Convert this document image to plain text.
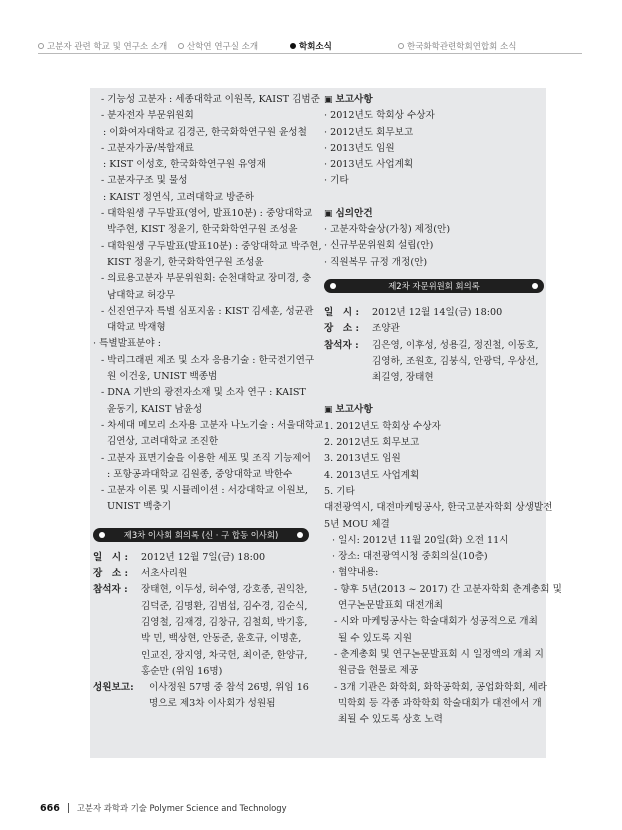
고분자 관련 학교 및 연구소 소개 산학연 연구실 소개	학회소식	한국화학관련학회연합회 소식
- 기능성 고분자 : 세종대학교 이원목, KAIST 김범준
- 분자전자 부문위원회
: 이화여자대학교 김경곤, 한국화학연구원 윤성철
- 고분자가공/복합재료
: KIST 이성호, 한국화학연구원 유영재
- 고분자구조 및 물성
: KAIST 정연식, 고려대학교 방준하
- 대학원생 구두발표(영어, 발표10분) : 중앙대학교
박주현, KIST 정윤기, 한국화학연구원 조성윤
- 대학원생 구두발표(발표10분) : 중앙대학교 박주현,
KIST 정윤기, 한국화학연구원 조성윤
- 의료용고분자 부문위원회: 순천대학교 장미경, 충
남대학교 허강무
- 신진연구자 특별 심포지움 : KIST 김세훈, 성균관
대학교 박재형
· 특별발표분야 :
- 박리그래핀 제조 및 소자 응용기술 : 한국전기연구
원 이건웅, UNIST 백종범
- DNA 기반의 광전자소재 및 소자 연구 : KAIST
윤동기, KAIST 남윤성
- 차세대 메모리 소자용 고분자 나노기술 : 서울대학교
김연상, 고려대학교 조진한
- 고분자 표면기술을 이용한 세포 및 조직 기능제어
: 포항공과대학교 김원종, 중앙대학교 박한수
- 고분자 이론 및 시뮬레이션 : 서강대학교 이원보,
UNIST 백충기
제3차 이사회 회의록 (신 · 구 합동 이사회)
일　시 :	2012년 12월 7일(금) 18:00
장　소 :	서초사리원
참석자 :	장태현, 이두성, 허수영, 강호종, 권익찬, 김덕준, 김명환, 김범섭, 김수경, 김순식, 김영철, 김재경, 김창규, 김철희, 박기홍, 박 민, 백상현, 안동준, 윤호규, 이명훈, 인교진, 장지영, 차국헌, 최이준, 한양규, 홍순만 (위임 16명)
성원보고:	이사정원 57명 중 참석 26명, 위임 16명으로 제3차 이사회가 성원됨
▣ 보고사항
· 2012년도 학회상 수상자
· 2012년도 회무보고
· 2013년도 임원
· 2013년도 사업계획
· 기타
▣ 심의안건
· 고분자학술상(가칭) 제정(안)
· 신규부문위원회 설립(안)
· 직원복무 규정 개정(안)
제2차 자문위원회 회의록
일　시 :	2012년 12월 14일(금) 18:00
장　소 :	조양관
참석자 :	김은영, 이후성, 성용길, 정진철, 이동호, 김영하, 조원호, 김붕식, 안광덕, 우상선, 최길영, 장태현
▣ 보고사항
1. 2012년도 학회상 수상자
2. 2012년도 회무보고
3. 2013년도 임원
4. 2013년도 사업계획
5. 기타
대전광역시, 대전마케팅공사, 한국고분자학회 상생발전
5년 MOU 체결
· 일시: 2012년 11월 20일(화) 오전 11시
· 장소: 대전광역시청 중회의실(10층)
· 협약내용:
- 향후 5년(2013 ~ 2017) 간 고분자학회 춘계총회 및
연구논문발표회 대전개최
- 시와 마케팅공사는 학술대회가 성공적으로 개최
될 수 있도록 지원
- 춘계총회 및 연구논문발표회 시 일정액의 개최 지
원금을 현물로 제공
- 3개 기관은 화학회, 화학공학회, 공업화학회, 세라
믹학회 등 각종 과학학회 학술대회가 대전에서 개
최될 수 있도록 상호 노력
666 고분자 과학과 기술 Polymer Science and Technology
